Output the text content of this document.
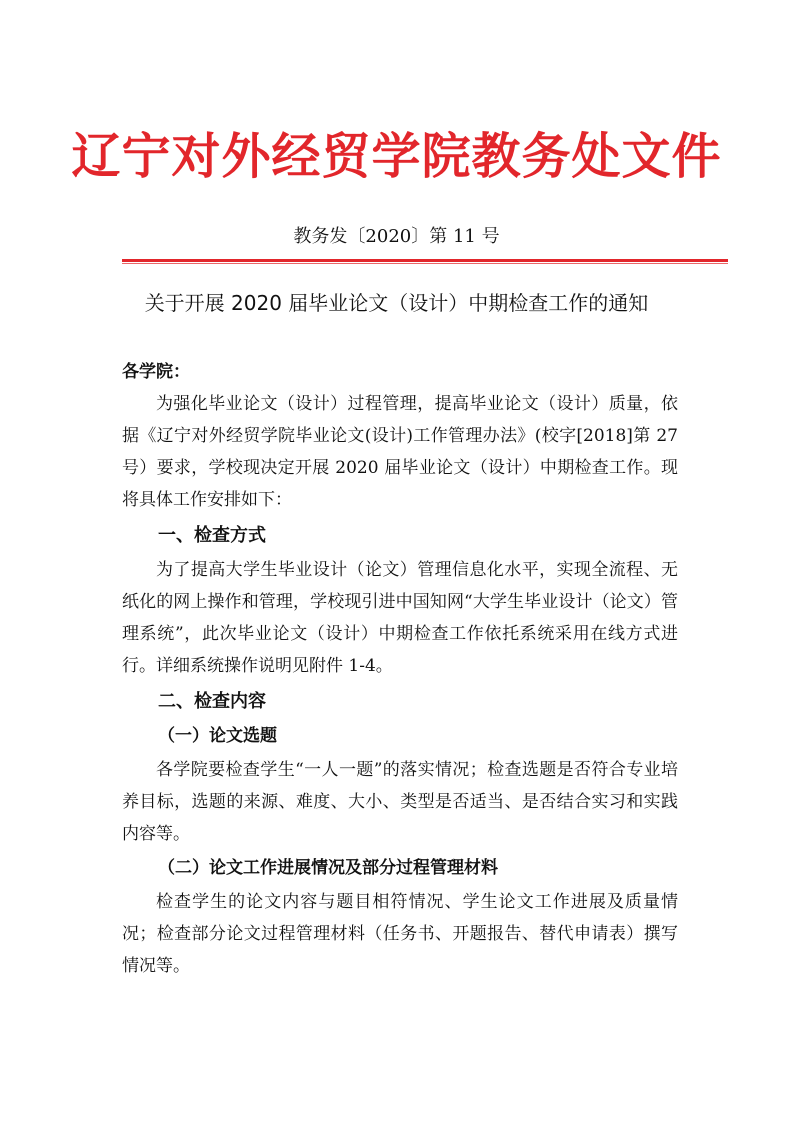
辽宁对外经贸学院教务处文件
教务发〔2020〕第 11 号
关于开展 2020 届毕业论文（设计）中期检查工作的通知

各学院：

为强化毕业论文（设计）过程管理，提高毕业论文（设计）质量，依据《辽宁对外经贸学院毕业论文(设计)工作管理办法》(校字[2018]第 27 号）要求，学校现决定开展 2020 届毕业论文（设计）中期检查工作。现将具体工作安排如下：

一、检查方式

为了提高大学生毕业设计（论文）管理信息化水平，实现全流程、无纸化的网上操作和管理，学校现引进中国知网“大学生毕业设计（论文）管理系统”，此次毕业论文（设计）中期检查工作依托系统采用在线方式进行。详细系统操作说明见附件 1-4。

二、检查内容
（一）论文选题

各学院要检查学生“一人一题”的落实情况；检查选题是否符合专业培养目标，选题的来源、难度、大小、类型是否适当、是否结合实习和实践内容等。

（二）论文工作进展情况及部分过程管理材料

检查学生的论文内容与题目相符情况、学生论文工作进展及质量情况；检查部分论文过程管理材料（任务书、开题报告、替代申请表）撰写情况等。
